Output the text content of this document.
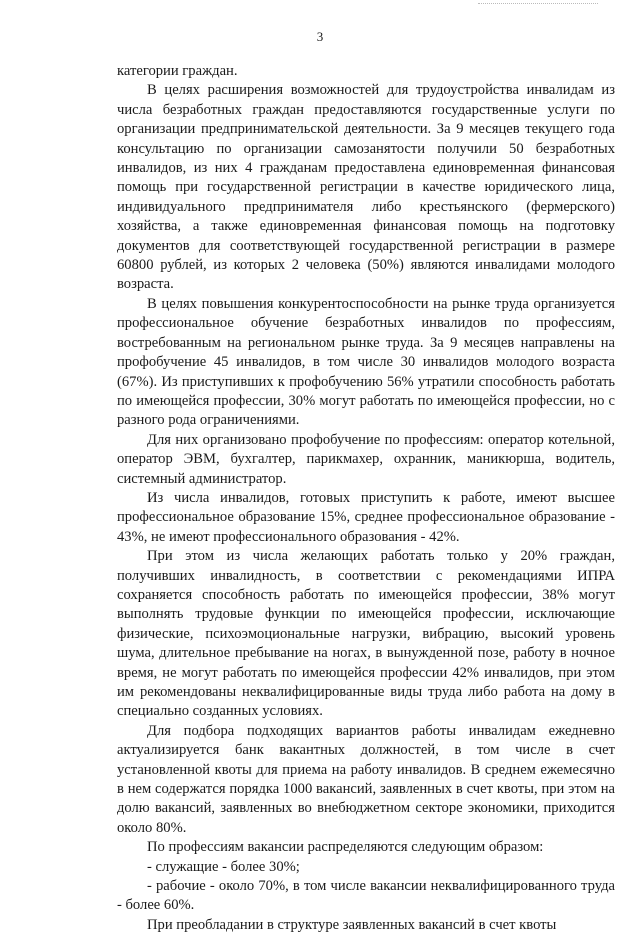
3

категории граждан.

В целях расширения возможностей для трудоустройства инвалидам из числа безработных граждан предоставляются государственные услуги по организации предпринимательской деятельности. За 9 месяцев текущего года консультацию по организации самозанятости получили 50 безработных инвалидов, из них 4 гражданам предоставлена единовременная финансовая помощь при государственной регистрации в качестве юридического лица, индивидуального предпринимателя либо крестьянского (фермерского) хозяйства, а также единовременная финансовая помощь на подготовку документов для соответствующей государственной регистрации в размере 60800 рублей, из которых 2 человека (50%) являются инвалидами молодого возраста.

В целях повышения конкурентоспособности на рынке труда организуется профессиональное обучение безработных инвалидов по профессиям, востребованным на региональном рынке труда. За 9 месяцев направлены на профобучение 45 инвалидов, в том числе 30 инвалидов молодого возраста (67%). Из приступивших к профобучению 56% утратили способность работать по имеющейся профессии, 30% могут работать по имеющейся профессии, но с разного рода ограничениями.

Для них организовано профобучение по профессиям: оператор котельной, оператор ЭВМ, бухгалтер, парикмахер, охранник, маникюрша, водитель, системный администратор.

Из числа инвалидов, готовых приступить к работе, имеют высшее профессиональное образование 15%, среднее профессиональное образование - 43%, не имеют профессионального образования - 42%.

При этом из числа желающих работать только у 20% граждан, получивших инвалидность, в соответствии с рекомендациями ИПРА сохраняется способность работать по имеющейся профессии, 38% могут выполнять трудовые функции по имеющейся профессии, исключающие физические, психоэмоциональные нагрузки, вибрацию, высокий уровень шума, длительное пребывание на ногах, в вынужденной позе, работу в ночное время, не могут работать по имеющейся профессии 42% инвалидов, при этом им рекомендованы неквалифицированные виды труда либо работа на дому в специально созданных условиях.

Для подбора подходящих вариантов работы инвалидам ежедневно актуализируется банк вакантных должностей, в том числе в счет установленной квоты для приема на работу инвалидов. В среднем ежемесячно в нем содержатся порядка 1000 вакансий, заявленных в счет квоты, при этом на долю вакансий, заявленных во внебюджетном секторе экономики, приходится около 80%.

По профессиям вакансии распределяются следующим образом:

- служащие - более 30%;

- рабочие - около 70%, в том числе вакансии неквалифицированного труда - более 60%.

При преобладании в структуре заявленных вакансий в счет квоты
